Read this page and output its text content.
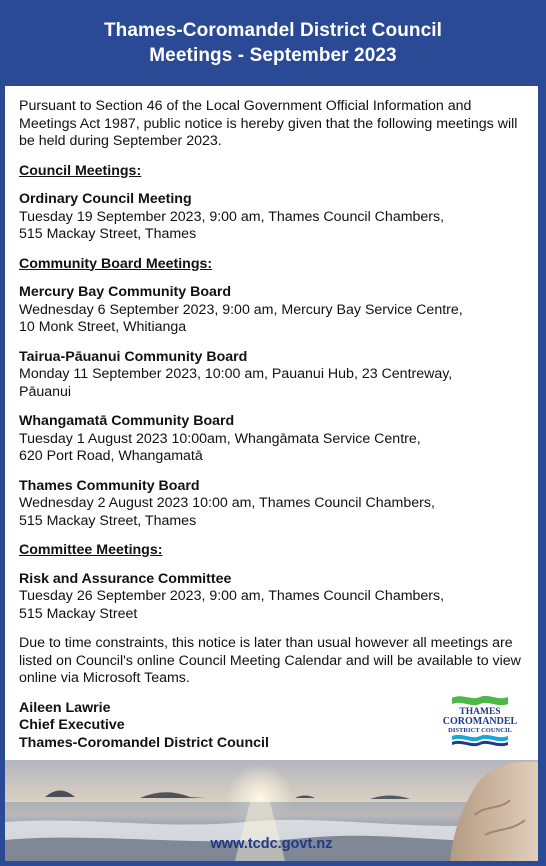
Thames-Coromandel District Council
Meetings - September 2023

Pursuant to Section 46 of the Local Government Official Information and Meetings Act 1987, public notice is hereby given that the following meetings will be held during September 2023.

Council Meetings:
Ordinary Council Meeting
Tuesday 19 September 2023, 9:00 am, Thames Council Chambers,
515 Mackay Street, Thames
Community Board Meetings:
Mercury Bay Community Board
Wednesday 6 September 2023, 9:00 am, Mercury Bay Service Centre,
10 Monk Street, Whitianga
Tairua-Pāuanui Community Board
Monday 11 September 2023, 10:00 am, Pauanui Hub, 23 Centreway,
Pāuanui
Whangamatā Community Board
Tuesday 1 August 2023 10:00am, Whangāmata Service Centre,
620 Port Road, Whangamatā
Thames Community Board
Wednesday 2 August 2023 10:00 am, Thames Council Chambers,
515 Mackay Street, Thames
Committee Meetings:
Risk and Assurance Committee
Tuesday 26 September 2023, 9:00 am, Thames Council Chambers,
515 Mackay Street

Due to time constraints, this notice is later than usual however all meetings are listed on Council's online Council Meeting Calendar and will be available to view online via Microsoft Teams.

Aileen Lawrie
Chief Executive
Thames-Coromandel District Council
THAMES
COROMANDEL
DISTRICT COUNCIL
www.tcdc.govt.nz
